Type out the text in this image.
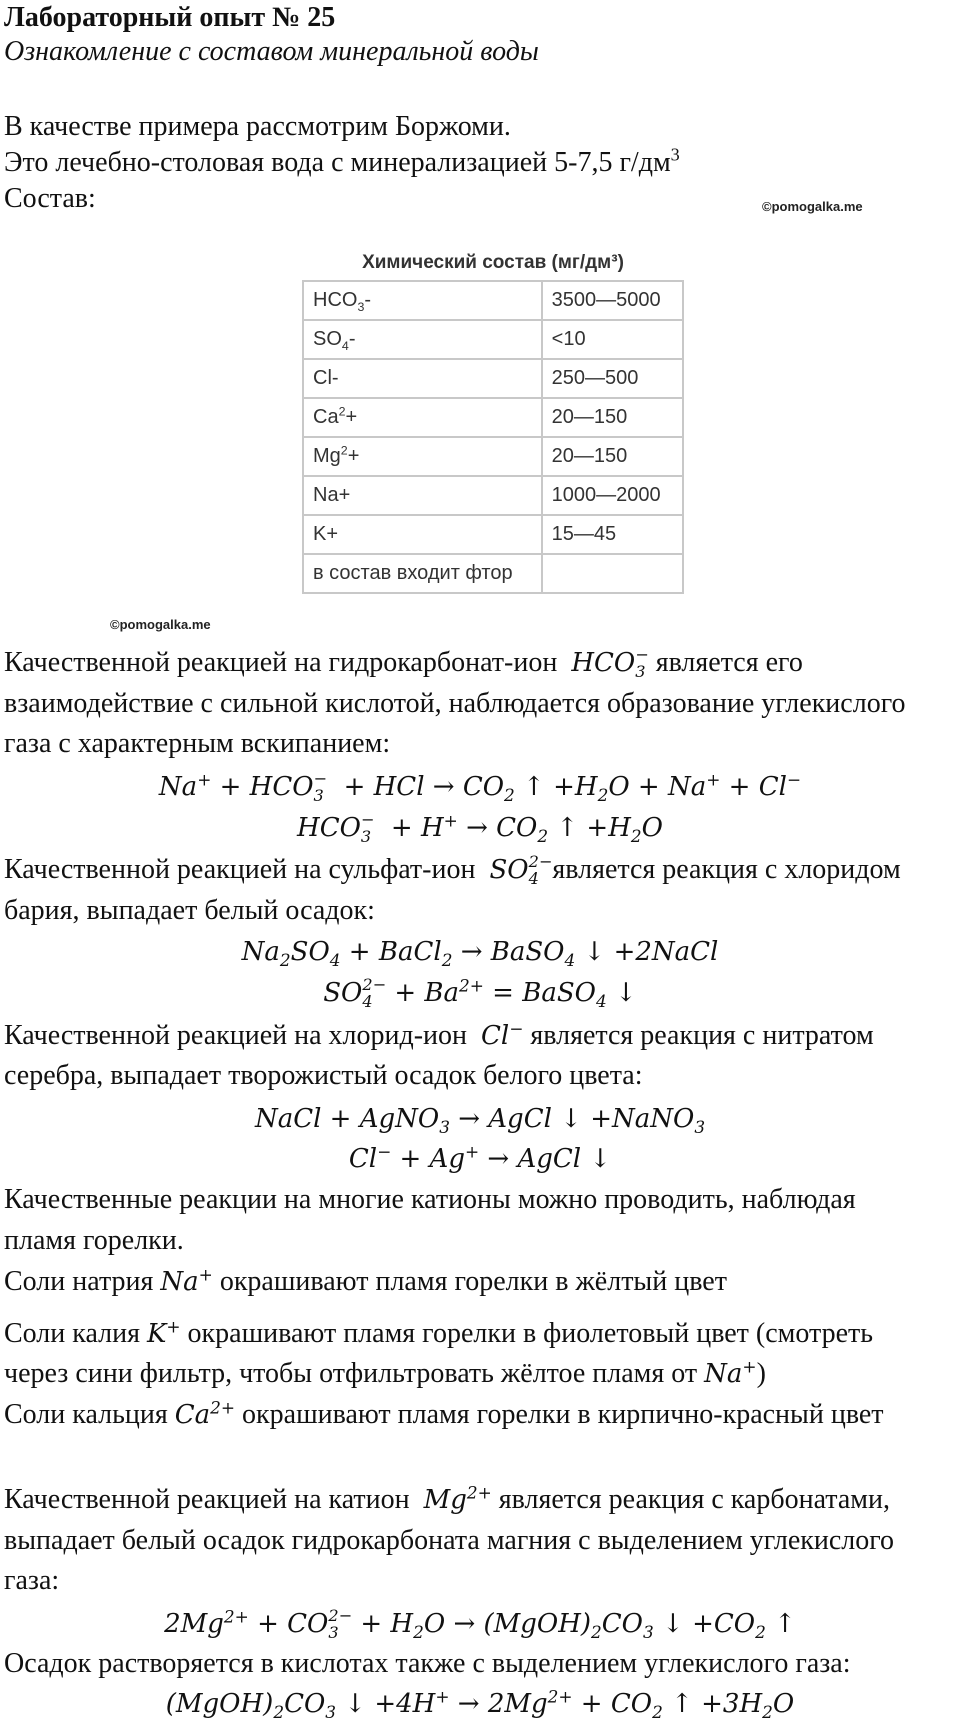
Лабораторный опыт № 25
Ознакомление с составом минеральной воды
В качестве примера рассмотрим Боржоми.
Это лечебно-столовая вода с минерализацией 5-7,5 $г/дм^3$
Состав:	©pomogalka.me
Химический состав (мг/дм³)
$HCO_3-$	3500—5000
$SO_4-$	<10
Cl-	250—500
$Ca^2+$	20—150
$Mg^2+$	20—150
Na+	1000—2000
K+	15—45
в состав входит фтор	
©pomogalka.me
Качественной реакцией на гидрокарбонат-ион HCO −
3 является его
взаимодействие с сильной кислотой, наблюдается образование углекислого
газа с характерным вскипанием:
Na+ + HCO −
3 + HCl → $CO_2$ ↑ $+H_2O + Na^+ + Cl^-$
HCO −
$3 + H^+ \to CO_2$ ↑ $+H_2O$
Качественной реакцией на сульфат-ион SO 2−
4 является реакция с хлоридом
бария, выпадает белый осадок:
$Na_2SO_4$ + BaCl$_2$ → BaSO$_4$ ↓ +2NaCl
SO 2−
$4 + Ba^{2+}$ = BaSO$_4$ ↓
Качественной реакцией на хлорид-ион Cl− является реакция с нитратом
серебра, выпадает творожистый осадок белого цвета:
NaCl + AgNO$_3$ → AgCl ↓ +NaNO$_3$
Cl− + Ag+ → AgCl ↓
Качественные реакции на многие катионы можно проводить, наблюдая
пламя горелки.
Соли натрия Na+ окрашивают пламя горелки в жёлтый цвет
Соли калия K+ окрашивают пламя горелки в фиолетовый цвет (смотреть
через сини фильтр, чтобы отфильтровать жёлтое пламя от Na+)
Соли кальция $Ca^{2+}$ окрашивают пламя горелки в кирпично-красный цвет
Качественной реакцией на катион $Mg^{2+}$ является реакция с карбонатами,
выпадает белый осадок гидрокарбоната магния с выделением углекислого
газа:
$2Mg^{2+}$ + CO 2−
$3 + H_2O$ → $(MgOH)_2CO_3$ ↓ $+CO_2$ ↑
Осадок растворяется в кислотах также с выделением углекислого газа:
$(MgOH)_2CO_3$ ↓ $+4H^+ \to 2Mg^{2+} + CO_2$ ↑ $+3H_2O$
